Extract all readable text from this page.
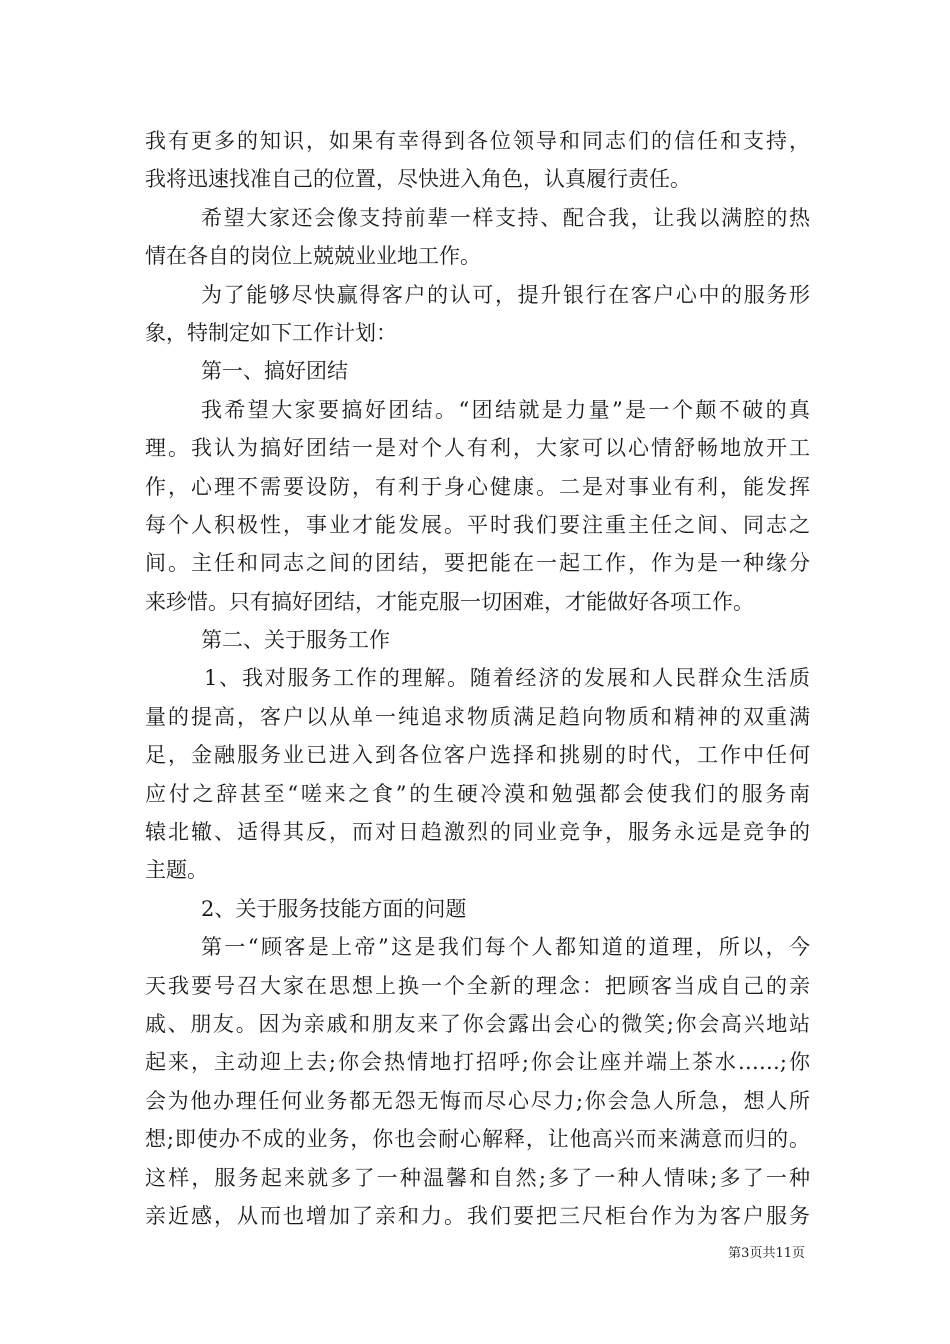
我有更多的知识，如果有幸得到各位领导和同志们的信任和支持，
我将迅速找准自己的位置，尽快进入角色，认真履行责任。
希望大家还会像支持前辈一样支持、配合我，让我以满腔的热
情在各自的岗位上兢兢业业地工作。
为了能够尽快赢得客户的认可，提升银行在客户心中的服务形
象，特制定如下工作计划：
第一、搞好团结
我希望大家要搞好团结。“团结就是力量”是一个颠不破的真
理。我认为搞好团结一是对个人有利，大家可以心情舒畅地放开工
作，心理不需要设防，有利于身心健康。二是对事业有利，能发挥
每个人积极性，事业才能发展。平时我们要注重主任之间、同志之
间。主任和同志之间的团结，要把能在一起工作，作为是一种缘分
来珍惜。只有搞好团结，才能克服一切困难，才能做好各项工作。
第二、关于服务工作
1、我对服务工作的理解。随着经济的发展和人民群众生活质
量的提高，客户以从单一纯追求物质满足趋向物质和精神的双重满
足，金融服务业已进入到各位客户选择和挑剔的时代，工作中任何
应付之辞甚至“嗟来之食”的生硬冷漠和勉强都会使我们的服务南
辕北辙、适得其反，而对日趋激烈的同业竞争，服务永远是竞争的
主题。
2、关于服务技能方面的问题
第一“顾客是上帝”这是我们每个人都知道的道理，所以，今
天我要号召大家在思想上换一个全新的理念：把顾客当成自己的亲
戚、朋友。因为亲戚和朋友来了你会露出会心的微笑;你会高兴地站
起来，主动迎上去;你会热情地打招呼;你会让座并端上茶水……;你
会为他办理任何业务都无怨无悔而尽心尽力;你会急人所急，想人所
想;即使办不成的业务，你也会耐心解释，让他高兴而来满意而归的。
这样，服务起来就多了一种温馨和自然;多了一种人情味;多了一种
亲近感，从而也增加了亲和力。我们要把三尺柜台作为为客户服务
第3页共11页
